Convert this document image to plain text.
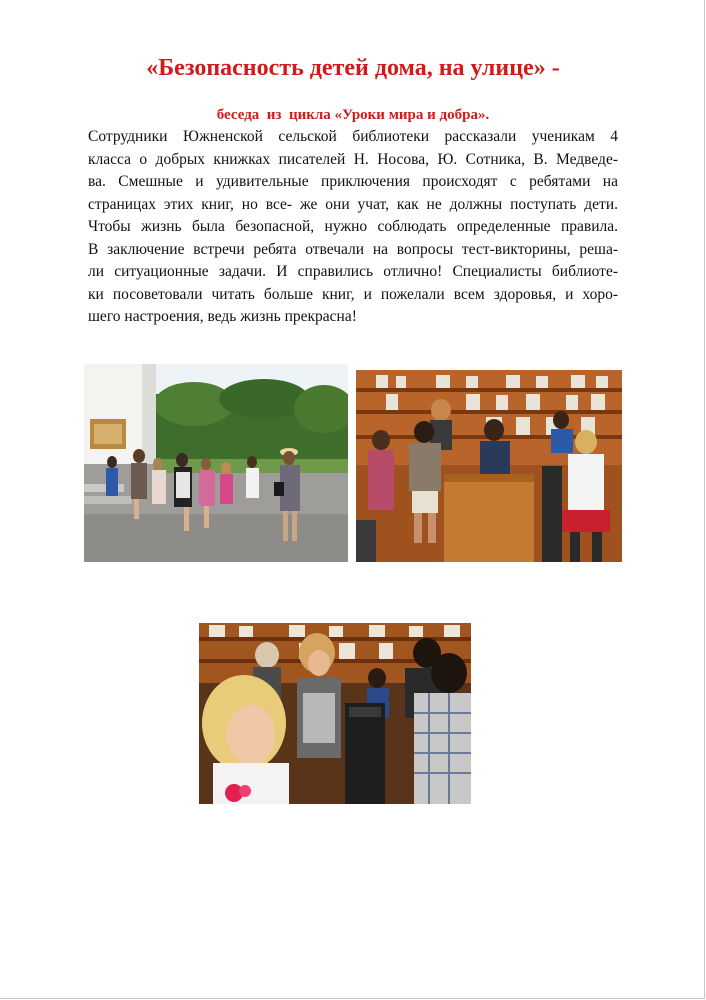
«Безопасность детей дома, на улице» -

беседа  из  цикла «Уроки мира и добра».

Сотрудники Южненской сельской библиотеки рассказали ученикам 4
класса о добрых книжках писателей Н. Носова, Ю. Сотника, В. Медведе-
ва. Смешные и удивительные приключения происходят с ребятами на
страницах этих книг, но все- же они учат, как не должны поступать дети.
Чтобы жизнь была безопасной, нужно соблюдать определенные правила.
В заключение встречи ребята отвечали на вопросы тест-викторины, реша-
ли ситуационные задачи. И справились отлично! Специалисты библиоте-
ки посоветовали читать больше книг, и пожелали всем здоровья, и хоро-
шего настроения, ведь жизнь прекрасна!
